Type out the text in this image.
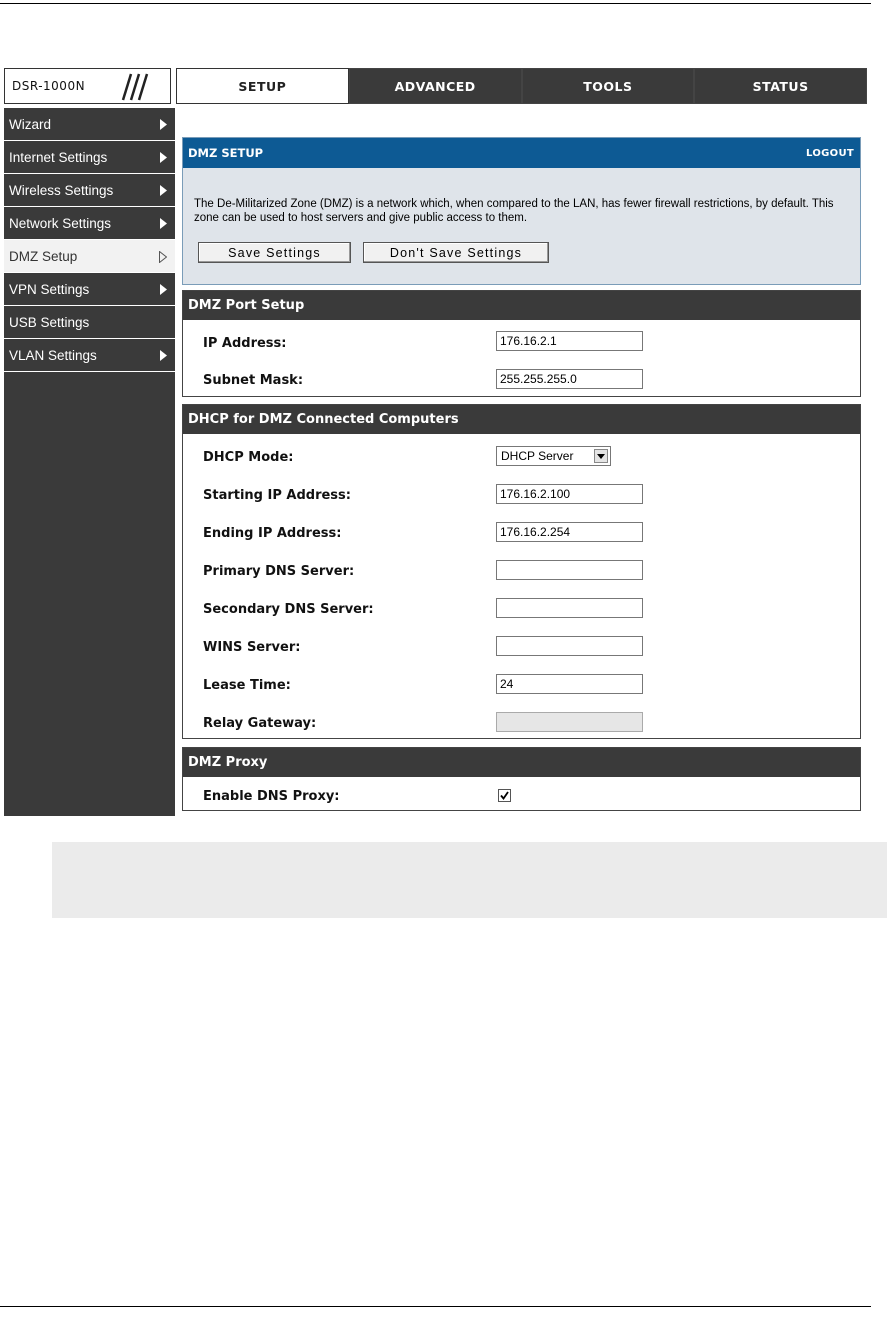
DSR-1000N	SETUP	ADVANCED	TOOLS	STATUS
Wizard
Internet Settings
Wireless Settings
Network Settings
DMZ Setup
VPN Settings
USB Settings
VLAN Settings
DMZ SETUP	LOGOUT
The De-Militarized Zone (DMZ) is a network which, when compared to the LAN, has fewer firewall restrictions, by default. This zone can be used to host servers and give public access to them.
Save Settings	Don't Save Settings
DMZ Port Setup
IP Address:
176.16.2.1
Subnet Mask:
255.255.255.0
DHCP for DMZ Connected Computers
DHCP Mode:	DHCP Server
Starting IP Address:
176.16.2.100
Ending IP Address:
176.16.2.254
Primary DNS Server:
Secondary DNS Server:
WINS Server:
Lease Time:
24
Relay Gateway:
DMZ Proxy
Enable DNS Proxy:
